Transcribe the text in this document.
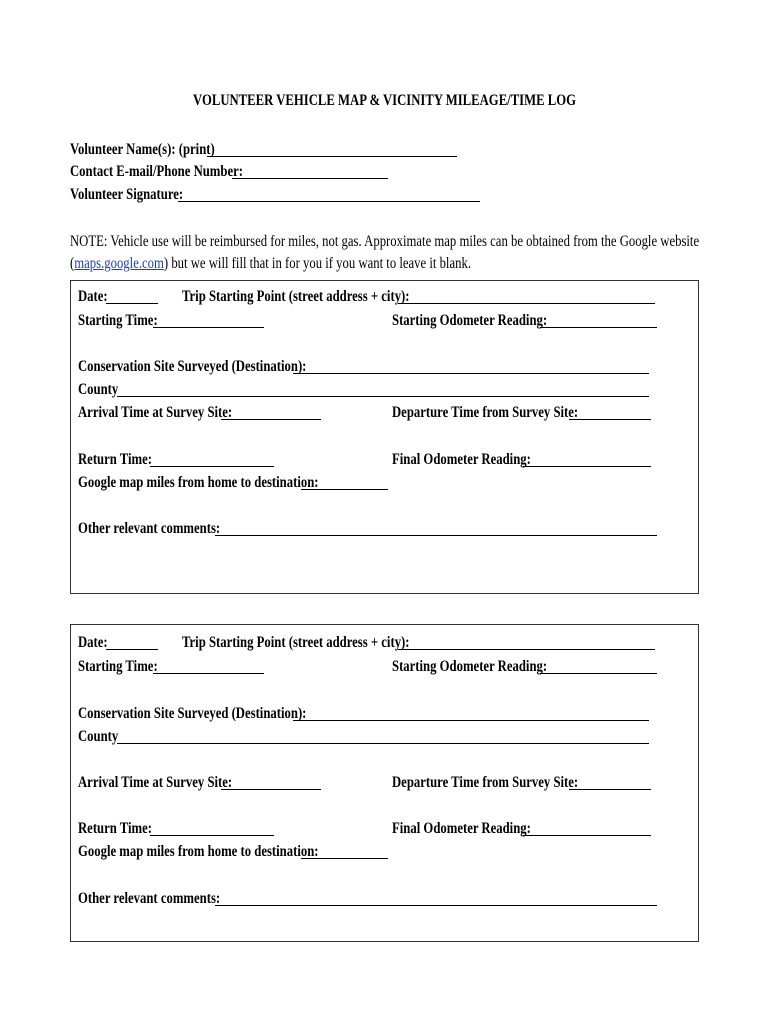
VOLUNTEER VEHICLE MAP & VICINITY MILEAGE/TIME LOG
Volunteer Name(s): (print)
Contact E-mail/Phone Number:
Volunteer Signature:
NOTE: Vehicle use will be reimbursed for miles, not gas. Approximate map miles can be obtained from the Google website
(maps.google.com) but we will fill that in for you if you want to leave it blank.
Date:	Trip Starting Point (street address + city):
Starting Time:	Starting Odometer Reading:
Conservation Site Surveyed (Destination):
County
Arrival Time at Survey Site:	Departure Time from Survey Site:
Return Time:	Final Odometer Reading:
Google map miles from home to destination:
Other relevant comments:
Date:	Trip Starting Point (street address + city):
Starting Time:	Starting Odometer Reading:
Conservation Site Surveyed (Destination):
County
Arrival Time at Survey Site:	Departure Time from Survey Site:
Return Time:	Final Odometer Reading:
Google map miles from home to destination:
Other relevant comments:
